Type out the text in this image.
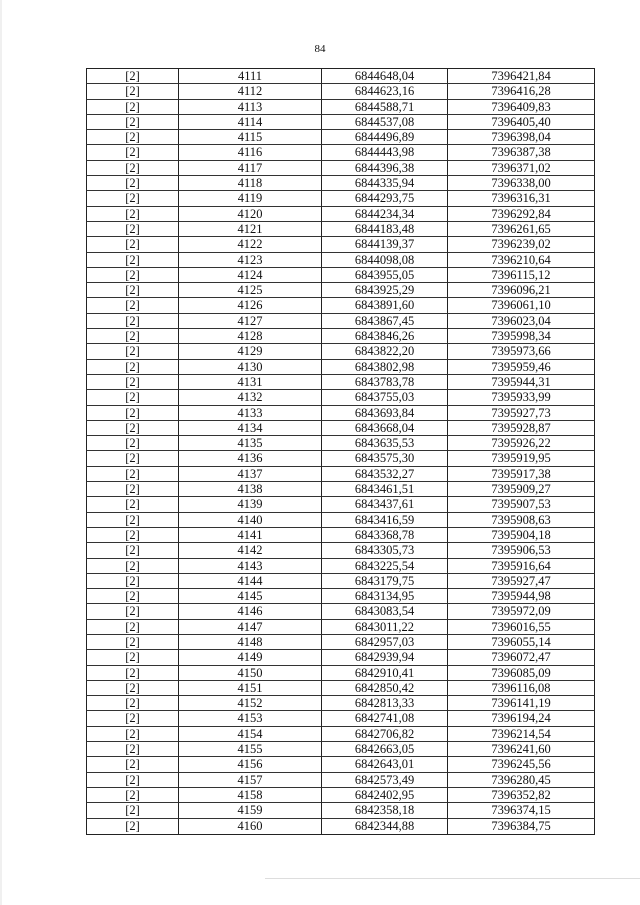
84
[2]	4111	6844648,04	7396421,84
[2]	4112	6844623,16	7396416,28
[2]	4113	6844588,71	7396409,83
[2]	4114	6844537,08	7396405,40
[2]	4115	6844496,89	7396398,04
[2]	4116	6844443,98	7396387,38
[2]	4117	6844396,38	7396371,02
[2]	4118	6844335,94	7396338,00
[2]	4119	6844293,75	7396316,31
[2]	4120	6844234,34	7396292,84
[2]	4121	6844183,48	7396261,65
[2]	4122	6844139,37	7396239,02
[2]	4123	6844098,08	7396210,64
[2]	4124	6843955,05	7396115,12
[2]	4125	6843925,29	7396096,21
[2]	4126	6843891,60	7396061,10
[2]	4127	6843867,45	7396023,04
[2]	4128	6843846,26	7395998,34
[2]	4129	6843822,20	7395973,66
[2]	4130	6843802,98	7395959,46
[2]	4131	6843783,78	7395944,31
[2]	4132	6843755,03	7395933,99
[2]	4133	6843693,84	7395927,73
[2]	4134	6843668,04	7395928,87
[2]	4135	6843635,53	7395926,22
[2]	4136	6843575,30	7395919,95
[2]	4137	6843532,27	7395917,38
[2]	4138	6843461,51	7395909,27
[2]	4139	6843437,61	7395907,53
[2]	4140	6843416,59	7395908,63
[2]	4141	6843368,78	7395904,18
[2]	4142	6843305,73	7395906,53
[2]	4143	6843225,54	7395916,64
[2]	4144	6843179,75	7395927,47
[2]	4145	6843134,95	7395944,98
[2]	4146	6843083,54	7395972,09
[2]	4147	6843011,22	7396016,55
[2]	4148	6842957,03	7396055,14
[2]	4149	6842939,94	7396072,47
[2]	4150	6842910,41	7396085,09
[2]	4151	6842850,42	7396116,08
[2]	4152	6842813,33	7396141,19
[2]	4153	6842741,08	7396194,24
[2]	4154	6842706,82	7396214,54
[2]	4155	6842663,05	7396241,60
[2]	4156	6842643,01	7396245,56
[2]	4157	6842573,49	7396280,45
[2]	4158	6842402,95	7396352,82
[2]	4159	6842358,18	7396374,15
[2]	4160	6842344,88	7396384,75
